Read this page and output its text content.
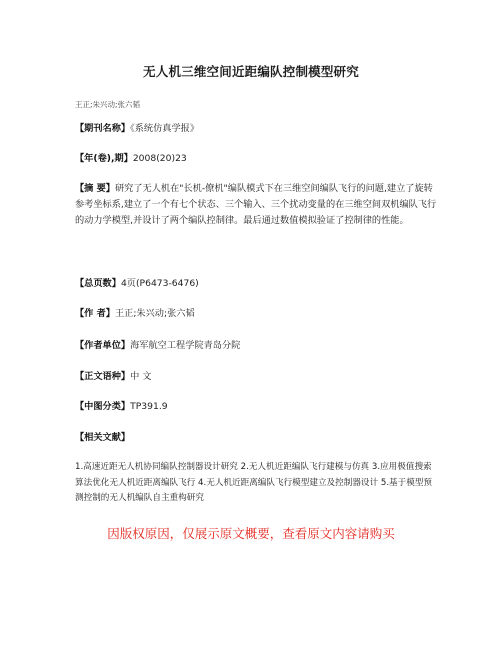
无人机三维空间近距编队控制模型研究
王正;朱兴动;张六韬
【期刊名称】《系统仿真学报》
【年(卷),期】2008(20)23
【摘 要】研究了无人机在"长机-僚机"编队模式下在三维空间编队飞行的问题,建立了旋转参考坐标系,建立了一个有七个状态、三个输入、三个扰动变量的在三维空间双机编队飞行的动力学模型,并设计了两个编队控制律。最后通过数值模拟验证了控制律的性能。
【总页数】4页(P6473-6476)
【作 者】王正;朱兴动;张六韬
【作者单位】海军航空工程学院青岛分院
【正文语种】中 文
【中图分类】TP391.9
【相关文献】
1.高速近距无人机协同编队控制器设计研究 2.无人机近距编队飞行建模与仿真 3.应用极值搜索算法优化无人机近距离编队飞行 4.无人机近距离编队飞行模型建立及控制器设计 5.基于模型预测控制的无人机编队自主重构研究
因版权原因，仅展示原文概要，查看原文内容请购买
